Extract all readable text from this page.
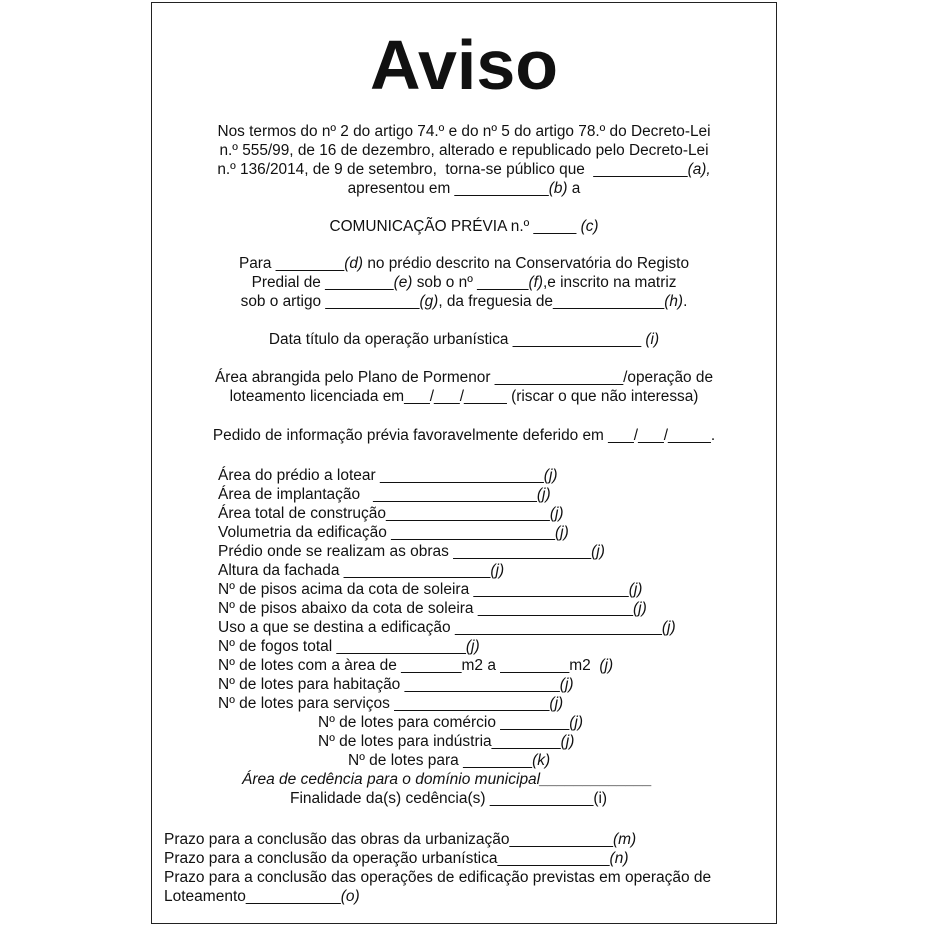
Aviso
Nos termos do nº 2 do artigo 74.º e do nº 5 do artigo 78.º do Decreto-Lei
n.º 555/99, de 16 de dezembro, alterado e republicado pelo Decreto-Lei
n.º 136/2014, de 9 de setembro,  torna-se público que  ___________(a),
apresentou em ___________(b) a
COMUNICAÇÃO PRÉVIA n.º _____ (c)
Para ________(d) no prédio descrito na Conservatória do Registo
Predial de ________(e) sob o nº ______(f),e inscrito na matriz
sob o artigo ___________(g), da freguesia de_____________(h).
Data título da operação urbanística _______________ (i)
Área abrangida pelo Plano de Pormenor _______________/operação de
loteamento licenciada em___/___/_____ (riscar o que não interessa)
Pedido de informação prévia favoravelmente deferido em ___/___/_____.
Área do prédio a lotear ___________________(j)
Área de implantação   ___________________(j)
Área total de construção___________________(j)
Volumetria da edificação ___________________(j)
Prédio onde se realizam as obras ________________(j)
Altura da fachada _________________(j)
Nº de pisos acima da cota de soleira __________________(j)
Nº de pisos abaixo da cota de soleira __________________(j)
Uso a que se destina a edificação ________________________(j)
Nº de fogos total _______________(j)
Nº de lotes com a àrea de _______m2 a ________m2  (j)
Nº de lotes para habitação __________________(j)
Nº de lotes para serviços __________________(j)
Nº de lotes para comércio ________(j)
Nº de lotes para indústria________(j)
Nº de lotes para ________(k)
Área de cedência para o domínio municipal_____________
Finalidade da(s) cedência(s) ____________(i)
Prazo para a conclusão das obras da urbanização____________(m)
Prazo para a conclusão da operação urbanística_____________(n)
Prazo para a conclusão das operações de edificação previstas em operação de
Loteamento___________(o)
